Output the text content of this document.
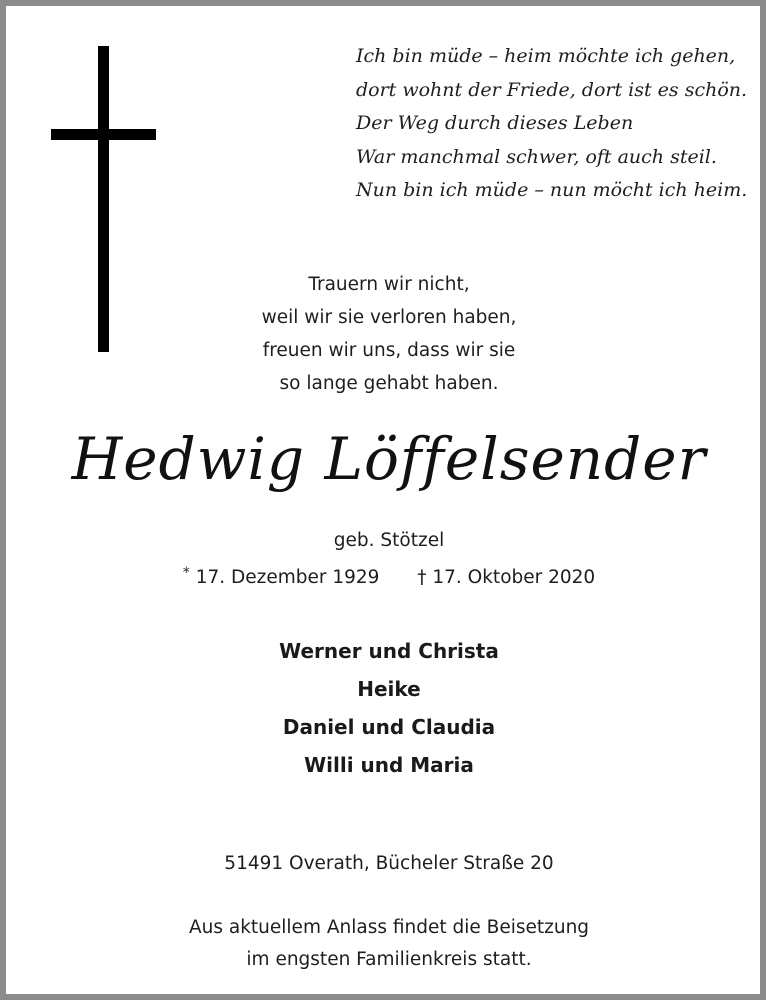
Ich bin müde – heim möchte ich gehen,
dort wohnt der Friede, dort ist es schön.
Der Weg durch dieses Leben
War manchmal schwer, oft auch steil.
Nun bin ich müde – nun möcht ich heim.
Trauern wir nicht,
weil wir sie verloren haben,
freuen wir uns, dass wir sie
so lange gehabt haben.
Hedwig Löffelsender
geb. Stötzel
* 17. Dezember 1929 † 17. Oktober 2020
Werner und Christa
Heike
Daniel und Claudia
Willi und Maria
51491 Overath, Bücheler Straße 20
Aus aktuellem Anlass findet die Beisetzung
im engsten Familienkreis statt.
